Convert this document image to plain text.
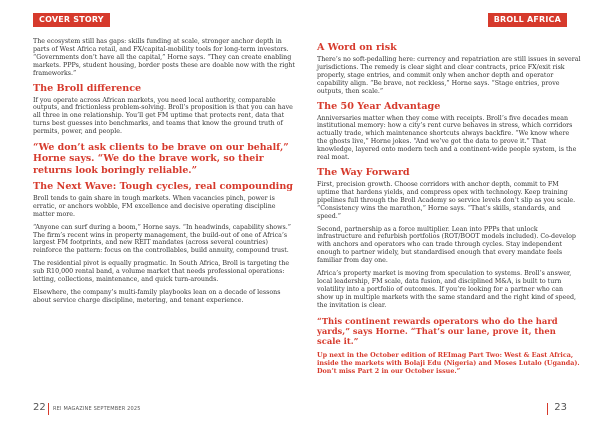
COVER STORY	BROLL AFRICA

The ecosystem still has gaps: skills funding at scale, stronger anchor depth in parts of West Africa retail, and FX/capital-mobility tools for long-term investors. “Governments don’t have all the capital,” Horne says. “They can create enabling markets. PPPs, student housing, border posts these are doable now with the right frameworks.”

The Broll difference

If you operate across African markets, you need local authority, comparable outputs, and frictionless problem-solving. Broll’s proposition is that you can have all three in one relationship. You’ll get FM uptime that protects rent, data that turns best guesses into benchmarks, and teams that know the ground truth of permits, power, and people.

“We don’t ask clients to be brave on our behalf,” Horne says. “We do the brave work, so their returns look boringly reliable.”
The Next Wave: Tough cycles, real compounding

Broll tends to gain share in tough markets. When vacancies pinch, power is erratic, or anchors wobble, FM excellence and decisive operating discipline matter more.

“Anyone can surf during a boom,” Horne says. “In headwinds, capability shows.” The firm’s recent wins in property management, the build-out of one of Africa’s largest FM footprints, and new REIT mandates (across several countries) reinforce the pattern: focus on the controllables, build annuity, compound trust.

The residential pivot is equally pragmatic. In South Africa, Broll is targeting the sub R10,000 rental band, a volume market that needs professional operations: letting, collections, maintenance, and quick turn-arounds.

Elsewhere, the company’s multi-family playbooks lean on a decade of lessons about service charge discipline, metering, and tenant experience.

A Word on risk

There’s no soft-pedalling here: currency and repatriation are still issues in several jurisdictions. The remedy is clear sight and clear contracts, price FX/exit risk properly, stage entries, and commit only when anchor depth and operator capability align. “Be brave, not reckless,” Horne says. “Stage entries, prove outputs, then scale.”

The 50 Year Advantage

Anniversaries matter when they come with receipts. Broll’s five decades mean institutional memory: how a city’s rent curve behaves in stress, which corridors actually trade, which maintenance shortcuts always backfire. “We know where the ghosts live,” Horne jokes. “And we’ve got the data to prove it.” That knowledge, layered onto modern tech and a continent-wide people system, is the real moat.

The Way Forward

First, precision growth. Choose corridors with anchor depth, commit to FM uptime that hardens yields, and compress opex with technology. Keep training pipelines full through the Broll Academy so service levels don’t slip as you scale. “Consistency wins the marathon,” Horne says. “That’s skills, standards, and speed.”

Second, partnership as a force multiplier. Lean into PPPs that unlock infrastructure and refurbish portfolios (ROT/BOOT models included). Co-develop with anchors and operators who can trade through cycles. Stay independent enough to partner widely, but standardised enough that every mandate feels familiar from day one.

Africa’s property market is moving from speculation to systems. Broll’s answer, local leadership, FM scale, data fusion, and disciplined M&A, is built to turn volatility into a portfolio of outcomes. If you’re looking for a partner who can show up in multiple markets with the same standard and the right kind of speed, the invitation is clear.

“This continent rewards operators who do the hard yards,” says Horne. “That’s our lane, prove it, then scale it.”

Up next in the October edition of REImag Part Two: West & East Africa, inside the markets with Bolaji Edu (Nigeria) and Moses Lutalo (Uganda). Don’t miss Part 2 in our October issue.”

22 REI MAGAZINE SEPTEMBER 2025	23
